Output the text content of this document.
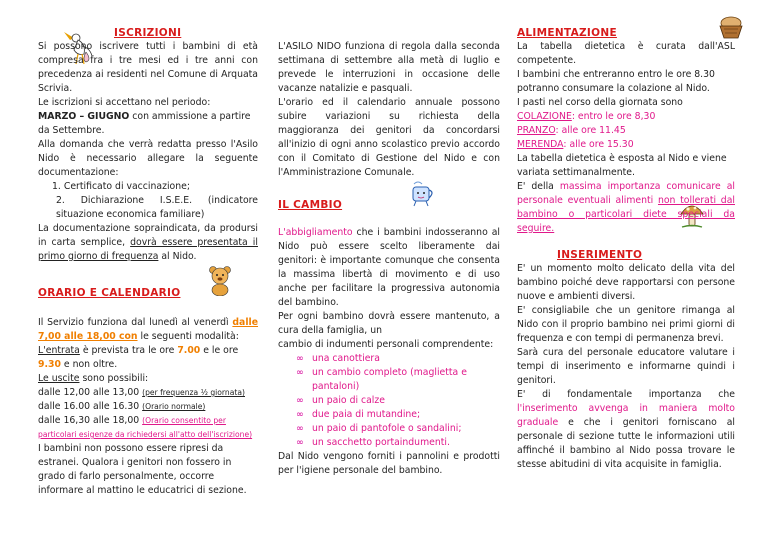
ISCRIZIONI
Si possono iscrivere tutti i bambini di età compresa fra i tre mesi ed i tre anni con precedenza ai residenti nel Comune di Arquata Scrivia.
Le iscrizioni si accettano nel periodo:
MARZO – GIUGNO con ammissione a partire da Settembre.
Alla domanda che verrà redatta presso l'Asilo Nido è necessario allegare la seguente documentazione:
1. Certificato di vaccinazione;
2. Dichiarazione I.S.E.E. (indicatore situazione economica familiare)
La documentazione sopraindicata, da prodursi in carta semplice, dovrà essere presentata il primo giorno di frequenza al Nido.
ORARIO E CALENDARIO
Il Servizio funziona dal lunedì al venerdì dalle 7,00 alle 18,00 con le seguenti modalità:
L'entrata è prevista tra le ore 7.00 e le ore 9.30 e non oltre.
Le uscite sono possibili:
dalle 12,00 alle 13,00 (per frequenza ½ giornata)
dalle 16.00 alle 16.30 (Orario normale)
dalle 16,30 alle 18,00 (Orario consentito per particolari esigenze da richiedersi all'atto dell'iscrizione)
I bambini non possono essere ripresi da estranei. Qualora i genitori non fossero in grado di farlo personalmente, occorre informare al mattino le educatrici di sezione.
L'ASILO NIDO funziona di regola dalla seconda settimana di settembre alla metà di luglio e prevede le interruzioni in occasione delle vacanze natalizie e pasquali.
L'orario ed il calendario annuale possono subire variazioni su richiesta della maggioranza dei genitori da concordarsi all'inizio di ogni anno scolastico previo accordo con il Comitato di Gestione del Nido e con l'Amministrazione Comunale.
IL CAMBIO
L'abbigliamento che i bambini indosseranno al Nido può essere scelto liberamente dai genitori: è importante comunque che consenta la massima libertà di movimento e di uso anche per facilitare la progressiva autonomia del bambino.
Per ogni bambino dovrà essere mantenuto, a cura della famiglia, un
cambio di indumenti personali comprendente:
∞ una canottiera
∞ un cambio completo (maglietta e pantaloni)
∞ un paio di calze
∞ due paia di mutandine;
∞ un paio di pantofole o sandalini;
∞ un sacchetto portaindumenti.
Dal Nido vengono forniti i pannolini e prodotti per l'igiene personale del bambino.
ALIMENTAZIONE
La tabella dietetica è curata dall'ASL competente.
I bambini che entreranno entro le ore 8.30 potranno consumare la colazione al Nido.
I pasti nel corso della giornata sono
COLAZIONE: entro le ore 8,30
PRANZO: alle ore 11.45
MERENDA: alle ore 15.30
La tabella dietetica è esposta al Nido e viene variata settimanalmente.
E' della massima importanza comunicare al personale eventuali alimenti non tollerati dal bambino o particolari diete speciali da seguire.
INSERIMENTO
E' un momento molto delicato della vita del bambino poiché deve rapportarsi con persone nuove e ambienti diversi.
E' consigliabile che un genitore rimanga al Nido con il proprio bambino nei primi giorni di frequenza e con tempi di permanenza brevi.
Sarà cura del personale educatore valutare i tempi di inserimento e informarne quindi i genitori.
E' di fondamentale importanza che l'inserimento avvenga in maniera molto graduale e che i genitori forniscano al personale di sezione tutte le informazioni utili affinché il bambino al Nido possa trovare le stesse abitudini di vita acquisite in famiglia.
